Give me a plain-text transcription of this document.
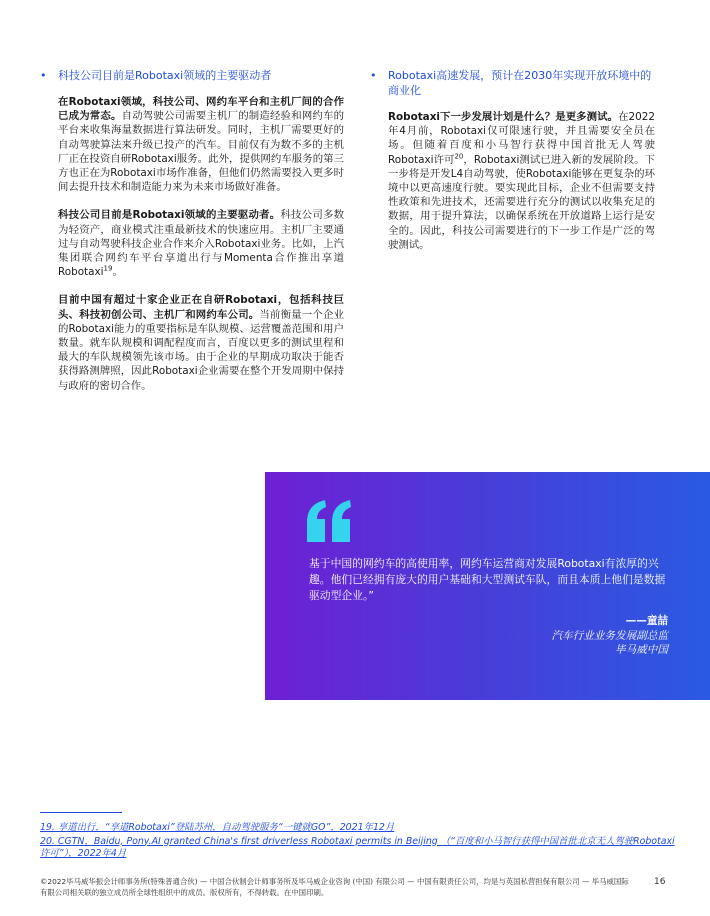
•	科技公司目前是Robotaxi领域的主要驱动者

在Robotaxi领域，科技公司、网约车平台和主机厂间的合作已成为常态。自动驾驶公司需要主机厂的制造经验和网约车的平台来收集海量数据进行算法研发。同时，主机厂需要更好的自动驾驶算法来升级已投产的汽车。目前仅有为数不多的主机厂正在投资自研Robotaxi服务。此外，提供网约车服务的第三方也正在为Robotaxi市场作准备，但他们仍然需要投入更多时间去提升技术和制造能力来为未来市场做好准备。

科技公司目前是Robotaxi领域的主要驱动者。科技公司多数为轻资产，商业模式注重最新技术的快速应用。主机厂主要通过与自动驾驶科技企业合作来介入Robotaxi业务。比如，上汽集团联合网约车平台享道出行与Momenta合作推出享道Robotaxi$^{19}$。

目前中国有超过十家企业正在自研Robotaxi，包括科技巨头、科技初创公司、主机厂和网约车公司。当前衡量一个企业的Robotaxi能力的重要指标是车队规模、运营覆盖范围和用户数量。就车队规模和调配程度而言，百度以更多的测试里程和最大的车队规模领先该市场。由于企业的早期成功取决于能否获得路测牌照，因此Robotaxi企业需要在整个开发周期中保持与政府的密切合作。

•	Robotaxi高速发展，预计在2030年实现开放环境中的商业化

Robotaxi下一步发展计划是什么？是更多测试。在2022年4月前，Robotaxi仅可限速行驶，并且需要安全员在场。但随着百度和小马智行获得中国首批无人驾驶Robotaxi许可$^{20}$，Robotaxi测试已进入新的发展阶段。下一步将是开发L4自动驾驶，使Robotaxi能够在更复杂的环境中以更高速度行驶。要实现此目标，企业不但需要支持性政策和先进技术，还需要进行充分的测试以收集充足的数据，用于提升算法，以确保系统在开放道路上运行是安全的。因此，科技公司需要进行的下一步工作是广泛的驾驶测试。

基于中国的网约车的高使用率，网约车运营商对发展Robotaxi有浓厚的兴趣。他们已经拥有庞大的用户基础和大型测试车队，而且本质上他们是数据驱动型企业。”
——童喆
汽车行业业务发展副总监
毕马威中国
19. 享道出行，“享道Robotaxi”登陆苏州，自动驾驶服务“一键就GO”，2021年12月
20. CGTN，Baidu, Pony.AI granted China's first driverless Robotaxi permits in Beijing （“百度和小马智行获得中国首批北京无人驾驶Robotaxi许可”），2022年4月
©2022毕马威华振会计师事务所(特殊普通合伙) — 中国合伙制会计师事务所及毕马威企业咨询 (中国) 有限公司 — 中国有限责任公司，均是与英国私营担保有限公司 — 毕马威国际有限公司相关联的独立成员所全球性组织中的成员。版权所有，不得转载。在中国印刷。
16
